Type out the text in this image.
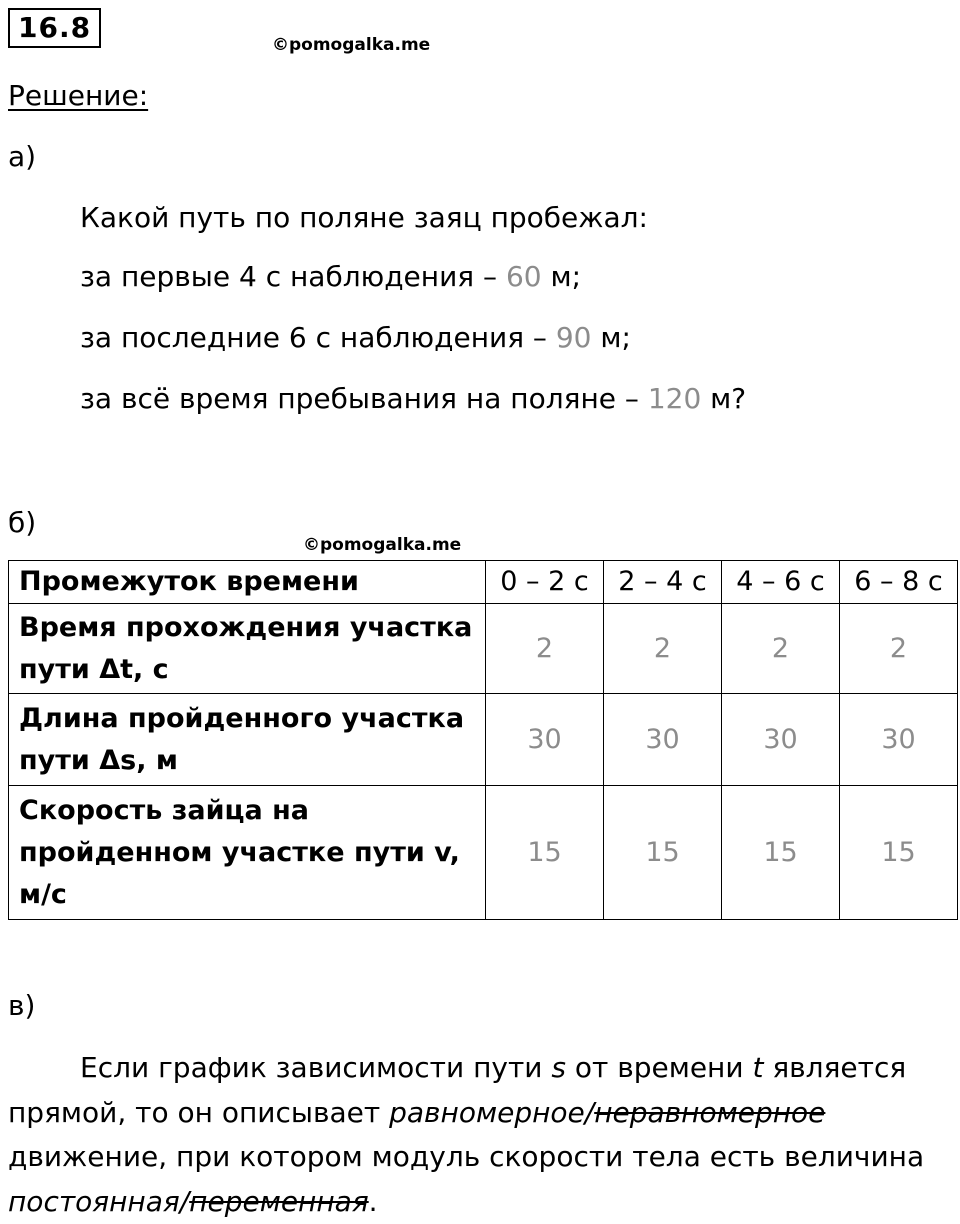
16.8
©pomogalka.me
Решение:
а)
Какой путь по поляне заяц пробежал:
за первые 4 с наблюдения – 60 м;
за последние 6 с наблюдения – 90 м;
за всё время пребывания на поляне – 120 м?
б)
©pomogalka.me
Промежуток времени	0 – 2 с	2 – 4 с	4 – 6 с	6 – 8 с
Время прохождения участка пути Δt, с	2	2	2	2
Длина пройденного участка пути Δs, м	30	30	30	30
Скорость зайца на пройденном участке пути v, м/с	15	15	15	15
в)

Если график зависимости пути s от времени t является прямой, то он описывает равномерное/неравномерное движение, при котором модуль скорости тела есть величина постоянная/переменная.
